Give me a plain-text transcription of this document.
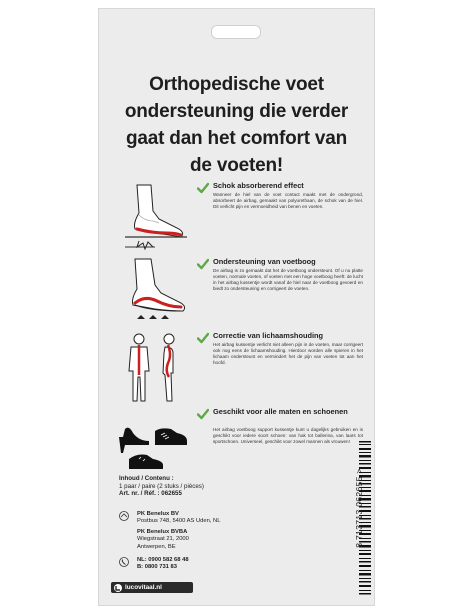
Orthopedische voet
ondersteuning die verder
gaat dan het comfort van
de voeten!
Schok absorberend effect
Wanneer de hiel van de voet contact maakt met de ondergrond, absorbeert de airbag, gemaakt van polyurethaan, de schok van de hiel. Dit verlicht pijn en vermoeidheid van benen en voeten.
Ondersteuning van voetboog
De airbag is zo gemaakt dat het de voetboog ondersteunt. Of u nu platte voeten, normale voeten, of voeten met een hoge voetboog heeft: de lucht in het airbag kussentje wordt vanaf de hiel naar de voetboog gevoerd en biedt zo ondersteuning en corrigeert de voeten.
Correctie van lichaamshouding
Het airbag kussentje verlicht niet alleen pijn in de voeten, maar corrigeert ook nog eens de lichaamshouding. Hierdoor worden alle spieren in het lichaam ondersteunt en vermindert het de pijn van voeten tot aan het hoofd.
Geschikt voor alle maten en schoenen
Het airbag voetboog support kussentje kunt u dagelijks gebruiken en is geschikt voor iedere soort schoen: van hak tot ballerina, van laars tot sportschoen. Universeel, geschikt voor zowel mannen als vrouwen!
Inhoud / Contenu :
1 paar / paire (2 stuks / pièces)
Art. nr. / Réf. : 062655
PK Benelux BV
Postbus 748, 5400 AS Uden, NL
PK Benelux BVBA
Wiegstraat 21, 2000
Antwerpen, BE
NL: 0900 582 68 48
B: 0800 731 83
lucovitaal.nl
8 713713 062655 >
